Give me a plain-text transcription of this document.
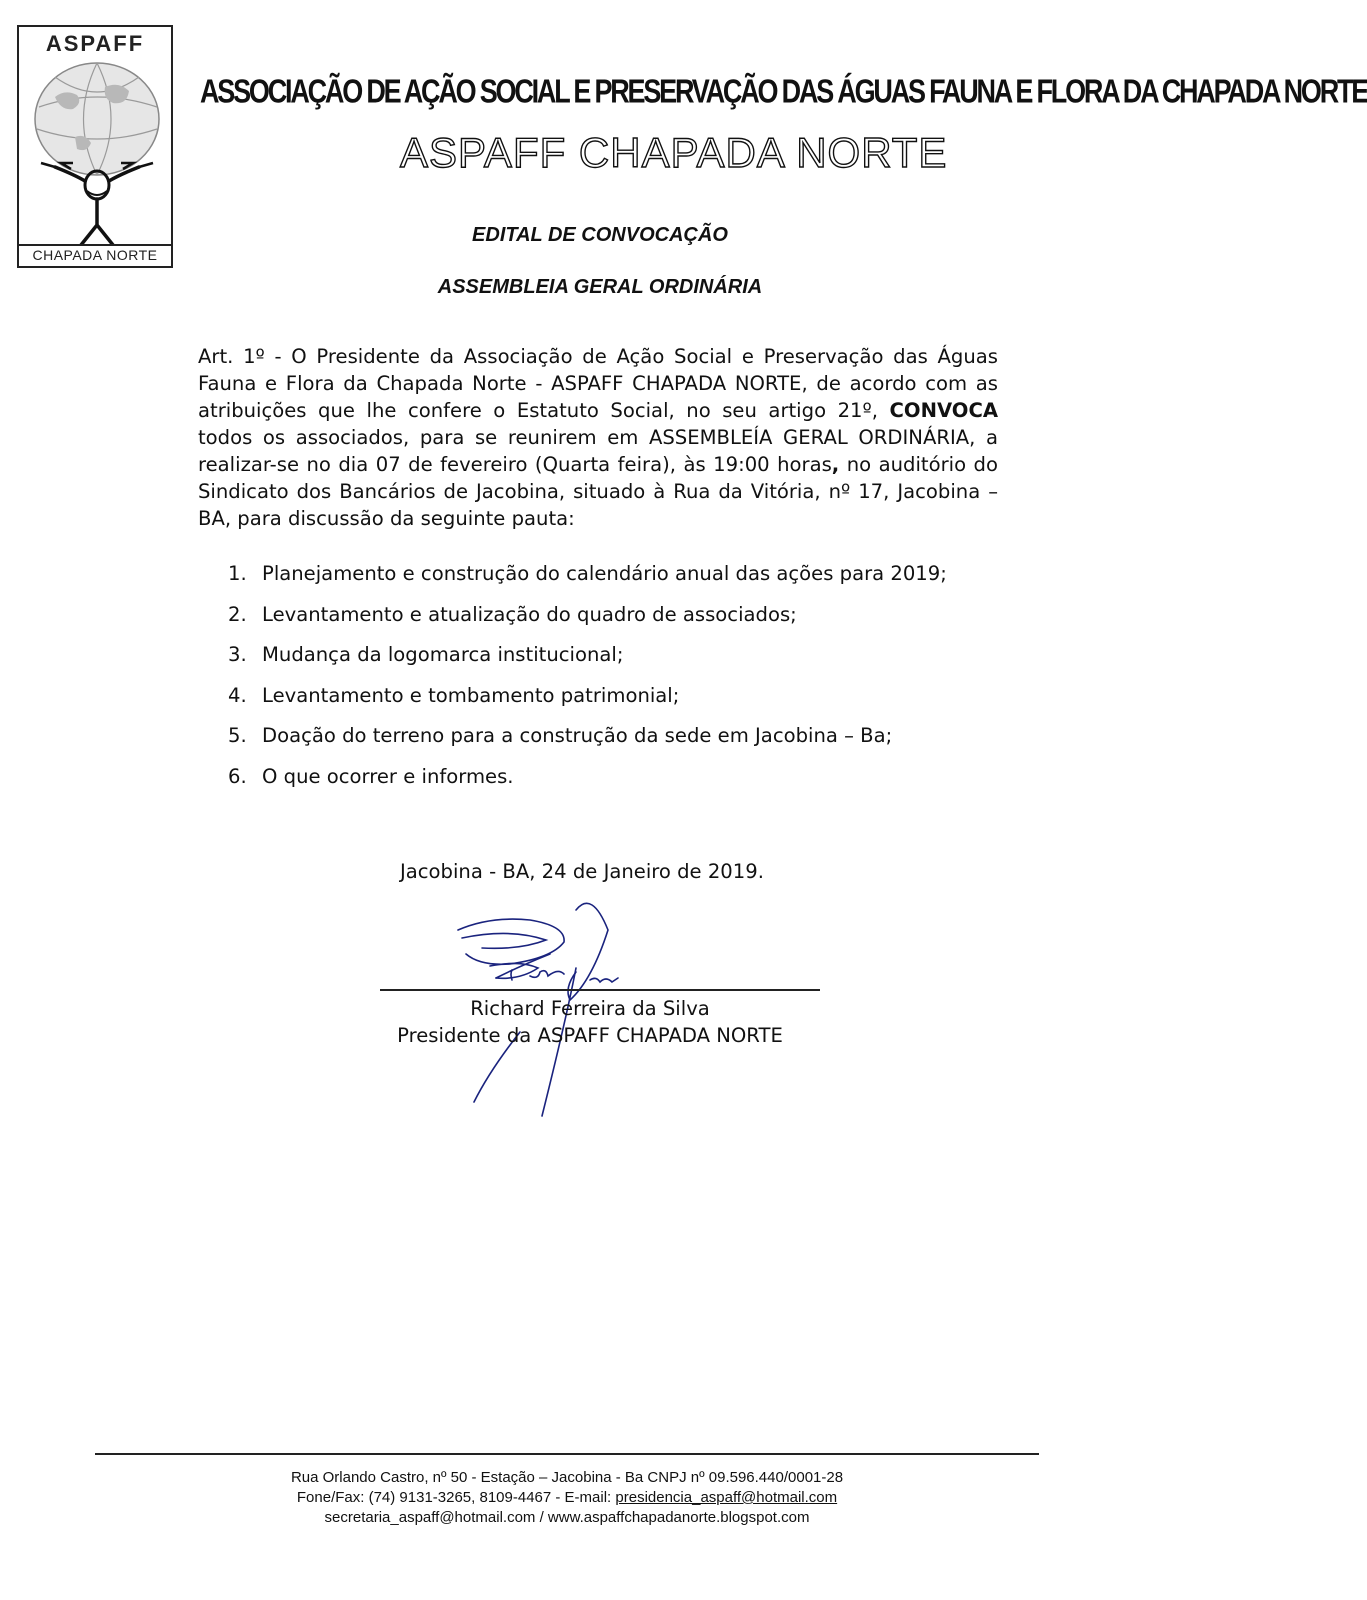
ASPAFF
CHAPADA NORTE
ASSOCIAÇÃO DE AÇÃO SOCIAL E PRESERVAÇÃO DAS ÁGUAS FAUNA E FLORA DA CHAPADA NORTE
ASPAFF CHAPADA NORTE
EDITAL DE CONVOCAÇÃO
ASSEMBLEIA GERAL ORDINÁRIA
Art. 1º - O Presidente da Associação de Ação Social e Preservação das Águas Fauna e Flora da Chapada Norte - ASPAFF CHAPADA NORTE, de acordo com as atribuições que lhe confere o Estatuto Social, no seu artigo 21º, CONVOCA todos os associados, para se reunirem em ASSEMBLEÍA GERAL ORDINÁRIA, a realizar-se no dia 07 de fevereiro (Quarta feira), às 19:00 horas, no auditório do Sindicato dos Bancários de Jacobina, situado à Rua da Vitória, nº 17, Jacobina – BA, para discussão da seguinte pauta:
1. Planejamento e construção do calendário anual das ações para 2019;
2. Levantamento e atualização do quadro de associados;
3. Mudança da logomarca institucional;
4. Levantamento e tombamento patrimonial;
5. Doação do terreno para a construção da sede em Jacobina – Ba;
6. O que ocorrer e informes.
Jacobina - BA, 24 de Janeiro de 2019.
Richard Ferreira da Silva
Presidente da ASPAFF CHAPADA NORTE
Rua Orlando Castro, nº 50 - Estação – Jacobina - Ba CNPJ nº 09.596.440/0001-28
Fone/Fax: (74) 9131-3265, 8109-4467 - E-mail: presidencia_aspaff@hotmail.com
secretaria_aspaff@hotmail.com / www.aspaffchapadanorte.blogspot.com
